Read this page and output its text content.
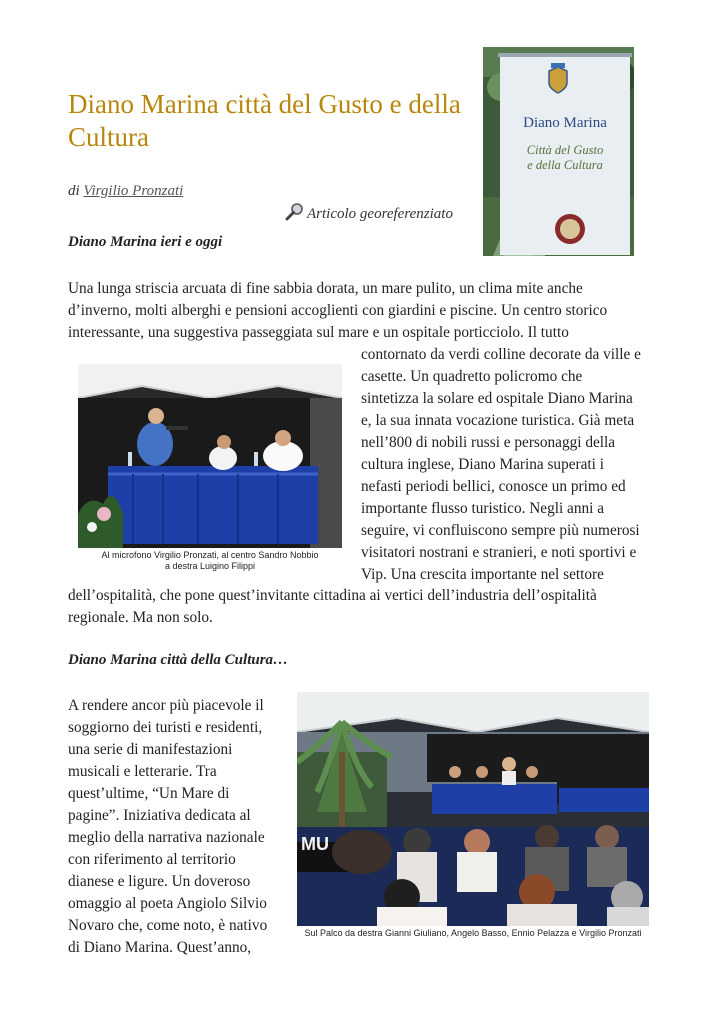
Diano Marina città del Gusto e della Cultura
di Virgilio Pronzati
Articolo georeferenziato
Diano Marina
Città del Gusto
e della Cultura
Diano Marina ieri e oggi
Una lunga striscia arcuata di fine sabbia dorata, un mare pulito, un clima mite anche
d’inverno, molti alberghi e pensioni accoglienti con giardini e piscine. Un centro storico
interessante, una suggestiva passeggiata sul mare e un ospitale porticciolo. Il tutto
contornato da verdi colline decorate da ville e
casette. Un quadretto policromo che
sintetizza la solare ed ospitale Diano Marina
e, la sua innata vocazione turistica. Già meta
nell’800 di nobili russi e personaggi della
cultura inglese, Diano Marina superati i
nefasti periodi bellici, conosce un primo ed
importante flusso turistico. Negli anni a
seguire, vi confluiscono sempre più numerosi
visitatori nostrani e stranieri, e noti sportivi e
Vip. Una crescita importante nel settore
Al microfono Virgilio Pronzati, al centro Sandro Nobbio
a destra Luigino Filippi
dell’ospitalità, che pone quest’invitante cittadina ai vertici dell’industria dell’ospitalità
regionale. Ma non solo.
Diano Marina città della Cultura…
A rendere ancor più piacevole il
soggiorno dei turisti e residenti,
una serie di manifestazioni
musicali e letterarie. Tra
quest’ultime, “Un Mare di
pagine”. Iniziativa dedicata al
meglio della narrativa nazionale
con riferimento al territorio
dianese e ligure. Un doveroso
omaggio al poeta Angiolo Silvio
Novaro che, come noto, è nativo
di Diano Marina. Quest’anno,
MU
Sul Palco da destra Gianni Giuliano, Angelo Basso, Ennio Pelazza e Virgilio Pronzati
